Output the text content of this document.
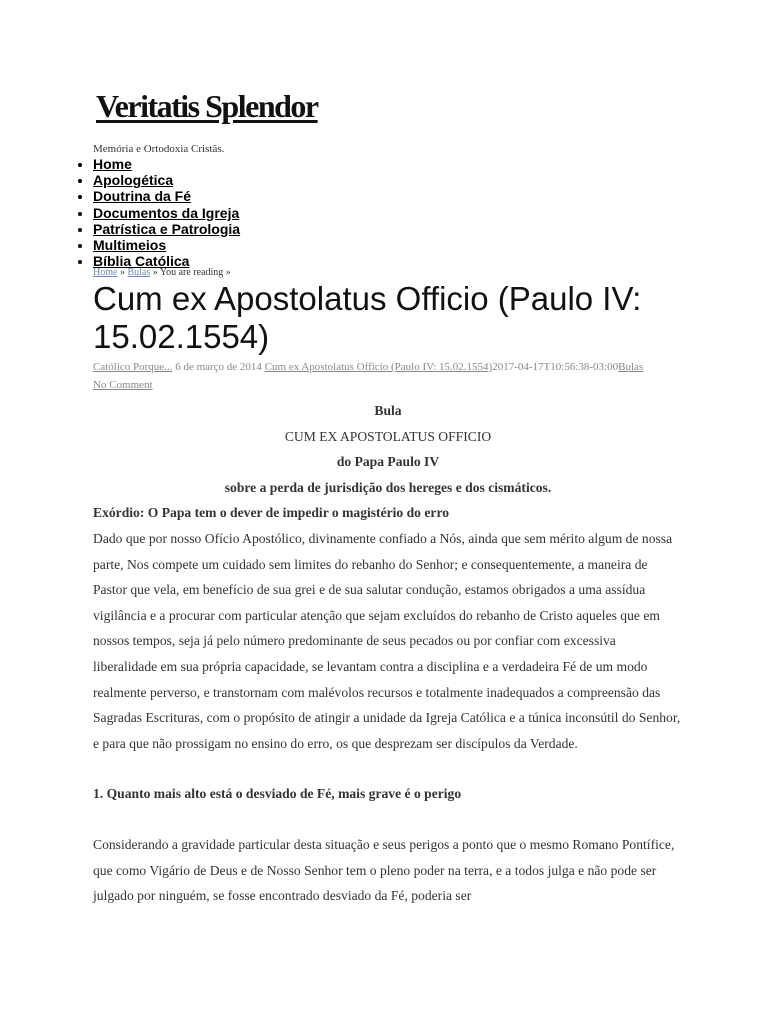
Veritatis Splendor
Memória e Ortodoxia Cristãs.
• Home
• Apologética
• Doutrina da Fé
• Documentos da Igreja
• Patrística e Patrologia
• Multimeios
• Bíblia Católica
Home » Bulas » You are reading »
Cum ex Apostolatus Officio (Paulo IV: 15.02.1554)
Católico Porque... 6 de março de 2014 Cum ex Apostolatus Officio (Paulo IV: 15.02.1554)2017-04-17T10:56:38-03:00Bulas No Comment

Bula

CUM EX APOSTOLATUS OFFICIO

do Papa Paulo IV

sobre a perda de jurisdição dos hereges e dos cismáticos.

Exórdio: O Papa tem o dever de impedir o magistério do erro

Dado que por nosso Ofício Apostólico, divinamente confiado a Nós, ainda que sem mérito algum de nossa parte, Nos compete um cuidado sem limites do rebanho do Senhor; e consequentemente, a maneira de Pastor que vela, em benefício de sua grei e de sua salutar condução, estamos obrigados a uma assídua vigilância e a procurar com particular atenção que sejam excluídos do rebanho de Cristo aqueles que em nossos tempos, seja já pelo número predominante de seus pecados ou por confiar com excessiva liberalidade em sua própria capacidade, se levantam contra a disciplina e a verdadeira Fé de um modo realmente perverso, e transtornam com malévolos recursos e totalmente inadequados a compreensão das Sagradas Escrituras, com o propósito de atingir a unidade da Igreja Católica e a túnica inconsútil do Senhor, e para que não prossigam no ensino do erro, os que desprezam ser discípulos da Verdade.

1. Quanto mais alto está o desviado de Fé, mais grave é o perigo

Considerando a gravidade particular desta situação e seus perigos a ponto que o mesmo Romano Pontífice, que como Vigário de Deus e de Nosso Senhor tem o pleno poder na terra, e a todos julga e não pode ser julgado por ninguém, se fosse encontrado desviado da Fé, poderia ser
